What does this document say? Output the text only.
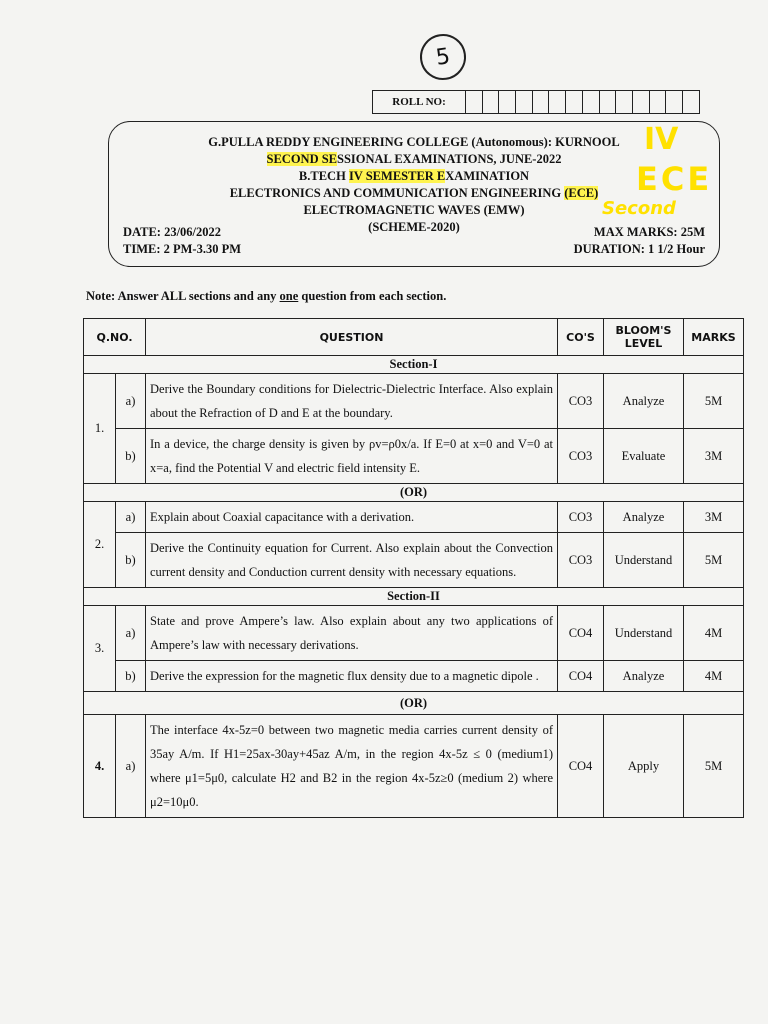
5
ROLL NO:
G.PULLA REDDY ENGINEERING COLLEGE (Autonomous): KURNOOL
SECOND SESSIONAL EXAMINATIONS, JUNE-2022
B.TECH IV SEMESTER EXAMINATION
ELECTRONICS AND COMMUNICATION ENGINEERING (ECE)
ELECTROMAGNETIC WAVES (EMW)
(SCHEME-2020)
DATE: 23/06/2022	MAX MARKS: 25M
TIME: 2 PM-3.30 PM	DURATION: 1 1/2 Hour
IV
ECE
Second
Note: Answer ALL sections and any one question from each section.
Q.NO.		QUESTION	CO'S	BLOOM'S LEVEL	MARKS
Section-I					
1.	a)	Derive the Boundary conditions for Dielectric-Dielectric Interface. Also explain about the Refraction of D and E at the boundary.	CO3	Analyze	5M
	b)	In a device, the charge density is given by ρv=ρ0x/a. If E=0 at x=0 and V=0 at x=a, find the Potential V and electric field intensity E.	CO3	Evaluate	3M
(OR)					
2.	a)	Explain about Coaxial capacitance with a derivation.	CO3	Analyze	3M
	b)	Derive the Continuity equation for Current. Also explain about the Convection current density and Conduction current density with necessary equations.	CO3	Understand	5M
Section-II					
3.	a)	State and prove Ampere’s law. Also explain about any two applications of Ampere’s law with necessary derivations.	CO4	Understand	4M
	b)	Derive the expression for the magnetic flux density due to a magnetic dipole .	CO4	Analyze	4M
(OR)					
4.	a)	The interface 4x-5z=0 between two magnetic media carries current density of 35ay A/m. If H1=25ax-30ay+45az A/m, in the region 4x-5z ≤ 0 (medium1) where μ1=5μ0, calculate H2 and B2 in the region 4x-5z≥0 (medium 2) where μ2=10μ0.	CO4	Apply	5M
